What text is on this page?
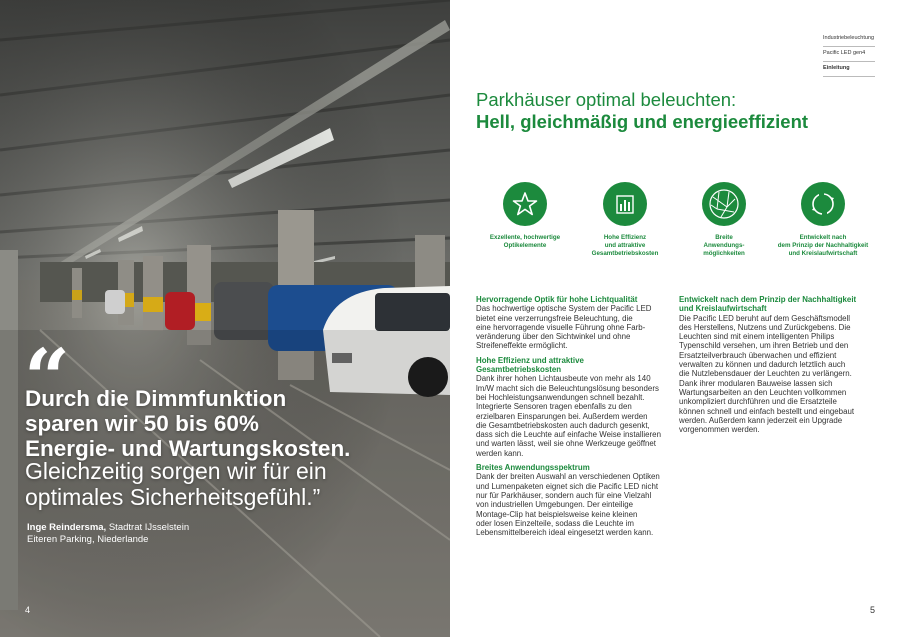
“
Durch die Dimmfunktion
sparen wir 50 bis 60%
Energie- und Wartungskosten.
Gleichzeitig sorgen wir für ein
optimales Sicherheitsgefühl.”
Inge Reindersma, Stadtrat IJsselstein
Eiteren Parking, Niederlande
4
Industriebeleuchtung
Pacific LED gen4
Einleitung
Parkhäuser optimal beleuchten:
Hell, gleichmäßig und energieeffizient
Exzellente, hochwertige
Optikelemente
Hohe Effizienz
und attraktive
Gesamtbetriebskosten
Breite
Anwendungs-
möglichkeiten
Entwickelt nach
dem Prinzip der Nachhaltigkeit
und Kreislaufwirtschaft
Hervorragende Optik für hohe Lichtqualität
Das hochwertige optische System der Pacific LED
bietet eine verzerrungsfreie Beleuchtung, die
eine hervorragende visuelle Führung ohne Farb-
veränderung über den Sichtwinkel und ohne
Streifeneffekte ermöglicht.
Hohe Effizienz und attraktive Gesamtbetriebskosten
Dank ihrer hohen Lichtausbeute von mehr als 140
lm/W macht sich die Beleuchtungslösung besonders
bei Hochleistungsanwendungen schnell bezahlt.
Integrierte Sensoren tragen ebenfalls zu den
erzielbaren Einsparungen bei. Außerdem werden
die Gesamtbetriebskosten auch dadurch gesenkt,
dass sich die Leuchte auf einfache Weise installieren
und warten lässt, weil sie ohne Werkzeuge geöffnet
werden kann.
Breites Anwendungsspektrum
Dank der breiten Auswahl an verschiedenen Optiken
und Lumenpaketen eignet sich die Pacific LED nicht
nur für Parkhäuser, sondern auch für eine Vielzahl
von industriellen Umgebungen. Der einteilige
Montage-Clip hat beispielsweise keine kleinen
oder losen Einzelteile, sodass die Leuchte im
Lebensmittelbereich ideal eingesetzt werden kann.
Entwickelt nach dem Prinzip der Nachhaltigkeit
und Kreislaufwirtschaft
Die Pacific LED beruht auf dem Geschäftsmodell
des Herstellens, Nutzens und Zurückgebens. Die
Leuchten sind mit einem intelligenten Philips
Typenschild versehen, um ihren Betrieb und den
Ersatzteilverbrauch überwachen und effizient
verwalten zu können und dadurch letztlich auch
die Nutzlebensdauer der Leuchten zu verlängern.
Dank ihrer modularen Bauweise lassen sich
Wartungsarbeiten an den Leuchten vollkommen
unkompliziert durchführen und die Ersatzteile
können schnell und einfach bestellt und eingebaut
werden. Außerdem kann jederzeit ein Upgrade
vorgenommen werden.
5
